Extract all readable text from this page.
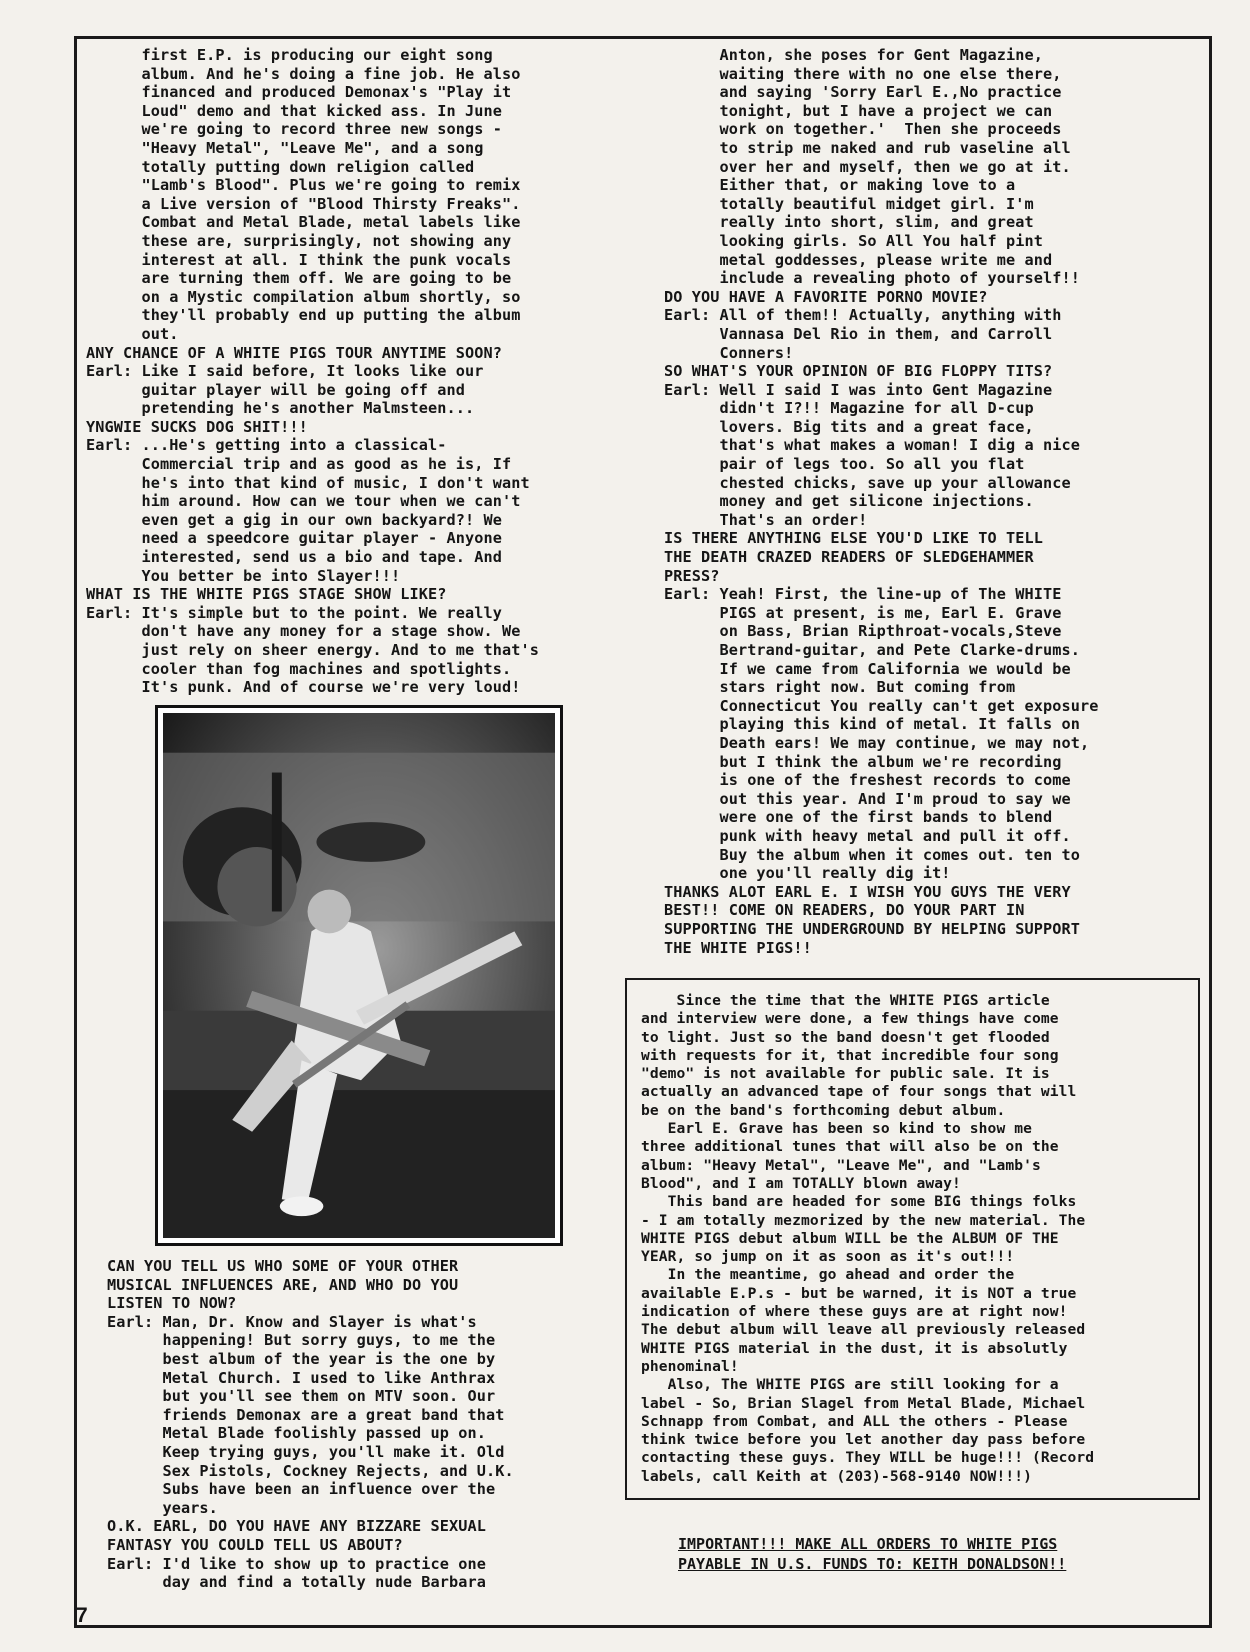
first E.P. is producing our eight song
album. And he's doing a fine job. He also
financed and produced Demonax's "Play it
Loud" demo and that kicked ass. In June
we're going to record three new songs -
"Heavy Metal", "Leave Me", and a song
totally putting down religion called
"Lamb's Blood". Plus we're going to remix
a Live version of "Blood Thirsty Freaks".
Combat and Metal Blade, metal labels like
these are, surprisingly, not showing any
interest at all. I think the punk vocals
are turning them off. We are going to be
on a Mystic compilation album shortly, so
they'll probably end up putting the album
out.
ANY CHANCE OF A WHITE PIGS TOUR ANYTIME SOON?
Earl: Like I said before, It looks like our
guitar player will be going off and
pretending he's another Malmsteen...
YNGWIE SUCKS DOG SHIT!!!
Earl: ...He's getting into a classical-
Commercial trip and as good as he is, If
he's into that kind of music, I don't want
him around. How can we tour when we can't
even get a gig in our own backyard?! We
need a speedcore guitar player - Anyone
interested, send us a bio and tape. And
You better be into Slayer!!!
WHAT IS THE WHITE PIGS STAGE SHOW LIKE?
Earl: It's simple but to the point. We really
don't have any money for a stage show. We
just rely on sheer energy. And to me that's
cooler than fog machines and spotlights.
It's punk. And of course we're very loud!
CAN YOU TELL US WHO SOME OF YOUR OTHER
MUSICAL INFLUENCES ARE, AND WHO DO YOU
LISTEN TO NOW?
Earl: Man, Dr. Know and Slayer is what's
happening! But sorry guys, to me the
best album of the year is the one by
Metal Church. I used to like Anthrax
but you'll see them on MTV soon. Our
friends Demonax are a great band that
Metal Blade foolishly passed up on.
Keep trying guys, you'll make it. Old
Sex Pistols, Cockney Rejects, and U.K.
Subs have been an influence over the
years.
O.K. EARL, DO YOU HAVE ANY BIZZARE SEXUAL
FANTASY YOU COULD TELL US ABOUT?
Earl: I'd like to show up to practice one
day and find a totally nude Barbara
Anton, she poses for Gent Magazine,
waiting there with no one else there,
and saying 'Sorry Earl E.,No practice
tonight, but I have a project we can
work on together.'  Then she proceeds
to strip me naked and rub vaseline all
over her and myself, then we go at it.
Either that, or making love to a
totally beautiful midget girl. I'm
really into short, slim, and great
looking girls. So All You half pint
metal goddesses, please write me and
include a revealing photo of yourself!!
DO YOU HAVE A FAVORITE PORNO MOVIE?
Earl: All of them!! Actually, anything with
Vannasa Del Rio in them, and Carroll
Conners!
SO WHAT'S YOUR OPINION OF BIG FLOPPY TITS?
Earl: Well I said I was into Gent Magazine
didn't I?!! Magazine for all D-cup
lovers. Big tits and a great face,
that's what makes a woman! I dig a nice
pair of legs too. So all you flat
chested chicks, save up your allowance
money and get silicone injections.
That's an order!
IS THERE ANYTHING ELSE YOU'D LIKE TO TELL
THE DEATH CRAZED READERS OF SLEDGEHAMMER
PRESS?
Earl: Yeah! First, the line-up of The WHITE
PIGS at present, is me, Earl E. Grave
on Bass, Brian Ripthroat-vocals,Steve
Bertrand-guitar, and Pete Clarke-drums.
If we came from California we would be
stars right now. But coming from
Connecticut You really can't get exposure
playing this kind of metal. It falls on
Death ears! We may continue, we may not,
but I think the album we're recording
is one of the freshest records to come
out this year. And I'm proud to say we
were one of the first bands to blend
punk with heavy metal and pull it off.
Buy the album when it comes out. ten to
one you'll really dig it!
THANKS ALOT EARL E. I WISH YOU GUYS THE VERY
BEST!! COME ON READERS, DO YOUR PART IN
SUPPORTING THE UNDERGROUND BY HELPING SUPPORT
THE WHITE PIGS!!
Since the time that the WHITE PIGS article
and interview were done, a few things have come
to light. Just so the band doesn't get flooded
with requests for it, that incredible four song
"demo" is not available for public sale. It is
actually an advanced tape of four songs that will
be on the band's forthcoming debut album.
Earl E. Grave has been so kind to show me
three additional tunes that will also be on the
album: "Heavy Metal", "Leave Me", and "Lamb's
Blood", and I am TOTALLY blown away!
This band are headed for some BIG things folks
- I am totally mezmorized by the new material. The
WHITE PIGS debut album WILL be the ALBUM OF THE
YEAR, so jump on it as soon as it's out!!!
In the meantime, go ahead and order the
available E.P.s - but be warned, it is NOT a true
indication of where these guys are at right now!
The debut album will leave all previously released
WHITE PIGS material in the dust, it is absolutly
phenominal!
Also, The WHITE PIGS are still looking for a
label - So, Brian Slagel from Metal Blade, Michael
Schnapp from Combat, and ALL the others - Please
think twice before you let another day pass before
contacting these guys. They WILL be huge!!! (Record
labels, call Keith at (203)-568-9140 NOW!!!)
IMPORTANT!!! MAKE ALL ORDERS TO WHITE PIGS
PAYABLE IN U.S. FUNDS TO: KEITH DONALDSON!!
7
